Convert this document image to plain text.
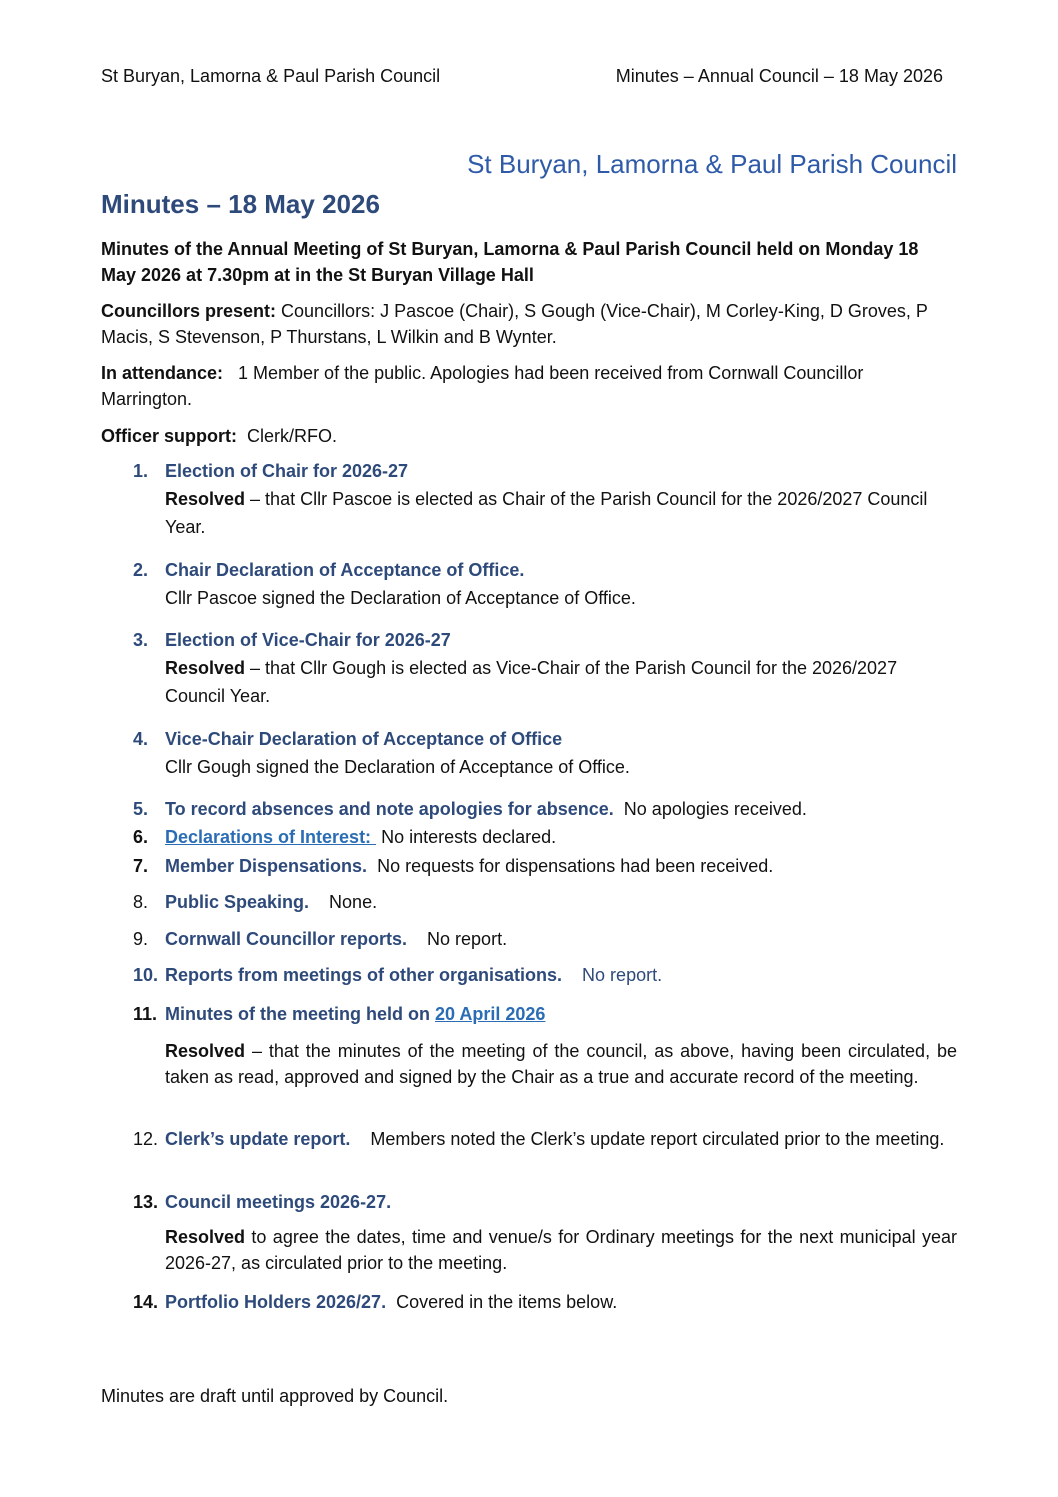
St Buryan, Lamorna & Paul Parish Council	Minutes – Annual Council – 18 May 2026
St Buryan, Lamorna & Paul Parish Council
Minutes – 18 May 2026
Minutes of the Annual Meeting of St Buryan, Lamorna & Paul Parish Council held on Monday 18 May 2026 at 7.30pm at in the St Buryan Village Hall
Councillors present: Councillors: J Pascoe (Chair), S Gough (Vice-Chair), M Corley-King, D Groves, P Macis, S Stevenson, P Thurstans, L Wilkin and B Wynter.
In attendance:   1 Member of the public. Apologies had been received from Cornwall Councillor Marrington.
Officer support:  Clerk/RFO.
1. Election of Chair for 2026-27
Resolved – that Cllr Pascoe is elected as Chair of the Parish Council for the 2026/2027 Council Year.
2. Chair Declaration of Acceptance of Office.
Cllr Pascoe signed the Declaration of Acceptance of Office.
3. Election of Vice-Chair for 2026-27
Resolved – that Cllr Gough is elected as Vice-Chair of the Parish Council for the 2026/2027 Council Year.
4. Vice-Chair Declaration of Acceptance of Office
Cllr Gough signed the Declaration of Acceptance of Office.
5. To record absences and note apologies for absence.  No apologies received.
6. Declarations of Interest:  No interests declared.
7. Member Dispensations.  No requests for dispensations had been received.
8. Public Speaking.    None.
9. Cornwall Councillor reports.    No report.
10. Reports from meetings of other organisations.    No report.
11. Minutes of the meeting held on 20 April 2026
Resolved – that the minutes of the meeting of the council, as above, having been circulated, be taken as read, approved and signed by the Chair as a true and accurate record of the meeting.
12. Clerk’s update report.    Members noted the Clerk’s update report circulated prior to the meeting.
13. Council meetings 2026-27.
Resolved to agree the dates, time and venue/s for Ordinary meetings for the next municipal year 2026-27, as circulated prior to the meeting.
14. Portfolio Holders 2026/27.  Covered in the items below.
Minutes are draft until approved by Council.
